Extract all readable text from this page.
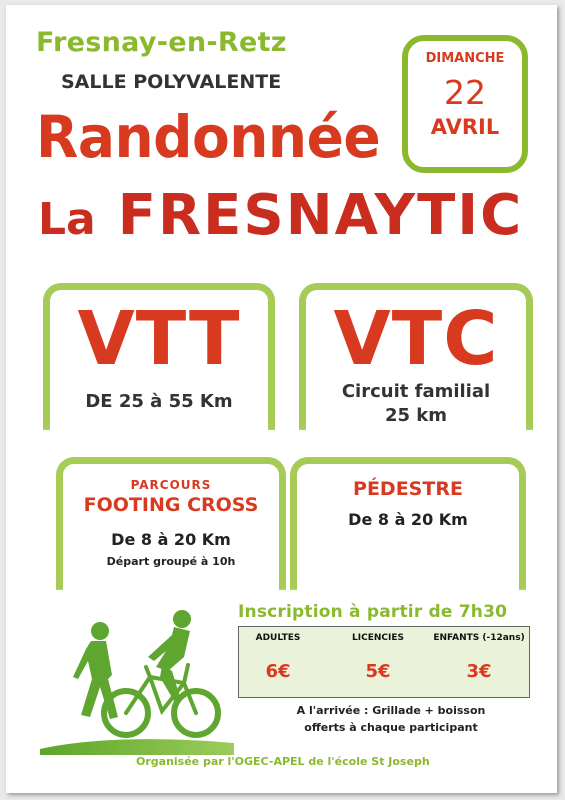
Fresnay-en-Retz
SALLE POLYVALENTE
Randonnée
La FRESNAYTIC
DIMANCHE
22
AVRIL
VTT
DE 25 à 55 Km
VTC
Circuit familial
25 km
PARCOURS
FOOTING CROSS
De 8 à 20 Km
Départ groupé à 10h
PÉDESTRE
De 8 à 20 Km
Inscription à partir de 7h30
ADULTES
6€
LICENCIES
5€
ENFANTS (-12ans)
3€
A l'arrivée : Grillade + boisson
offerts à chaque participant
Organisée par l'OGEC-APEL de l'école St Joseph
